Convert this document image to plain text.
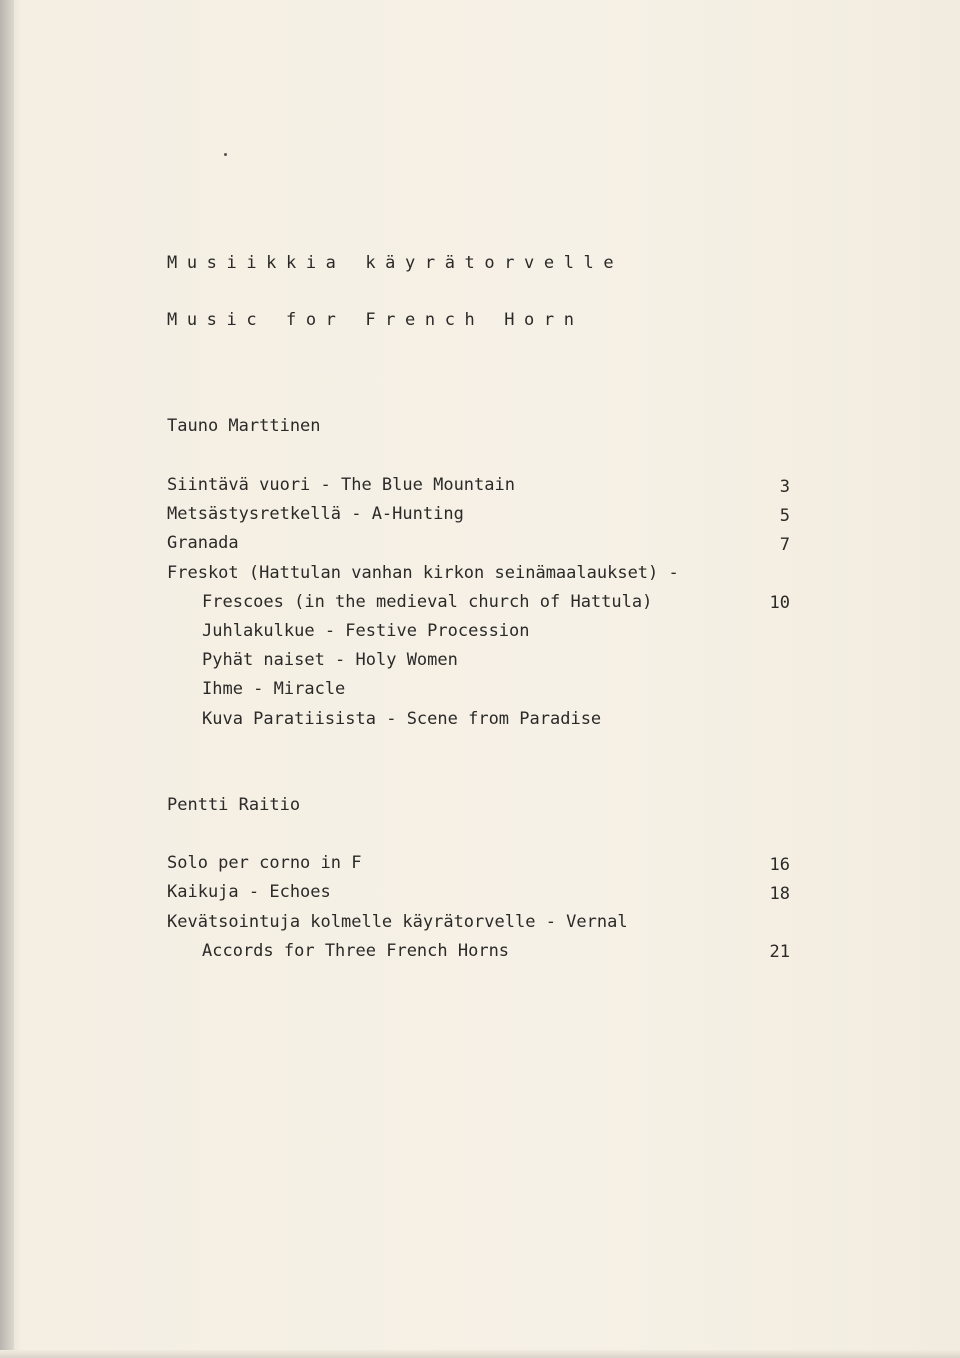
Musiikkia käyrätorvelle
Music for French Horn
Tauno Marttinen
Siintävä vuori - The Blue Mountain	3
Metsästysretkellä - A-Hunting	5
Granada	7
Freskot (Hattulan vanhan kirkon seinämaalaukset) -
Frescoes (in the medieval church of Hattula)	10
Juhlakulkue - Festive Procession
Pyhät naiset - Holy Women
Ihme - Miracle
Kuva Paratiisista - Scene from Paradise
Pentti Raitio
Solo per corno in F	16
Kaikuja - Echoes	18
Kevätsointuja kolmelle käyrätorvelle - Vernal
Accords for Three French Horns	21
